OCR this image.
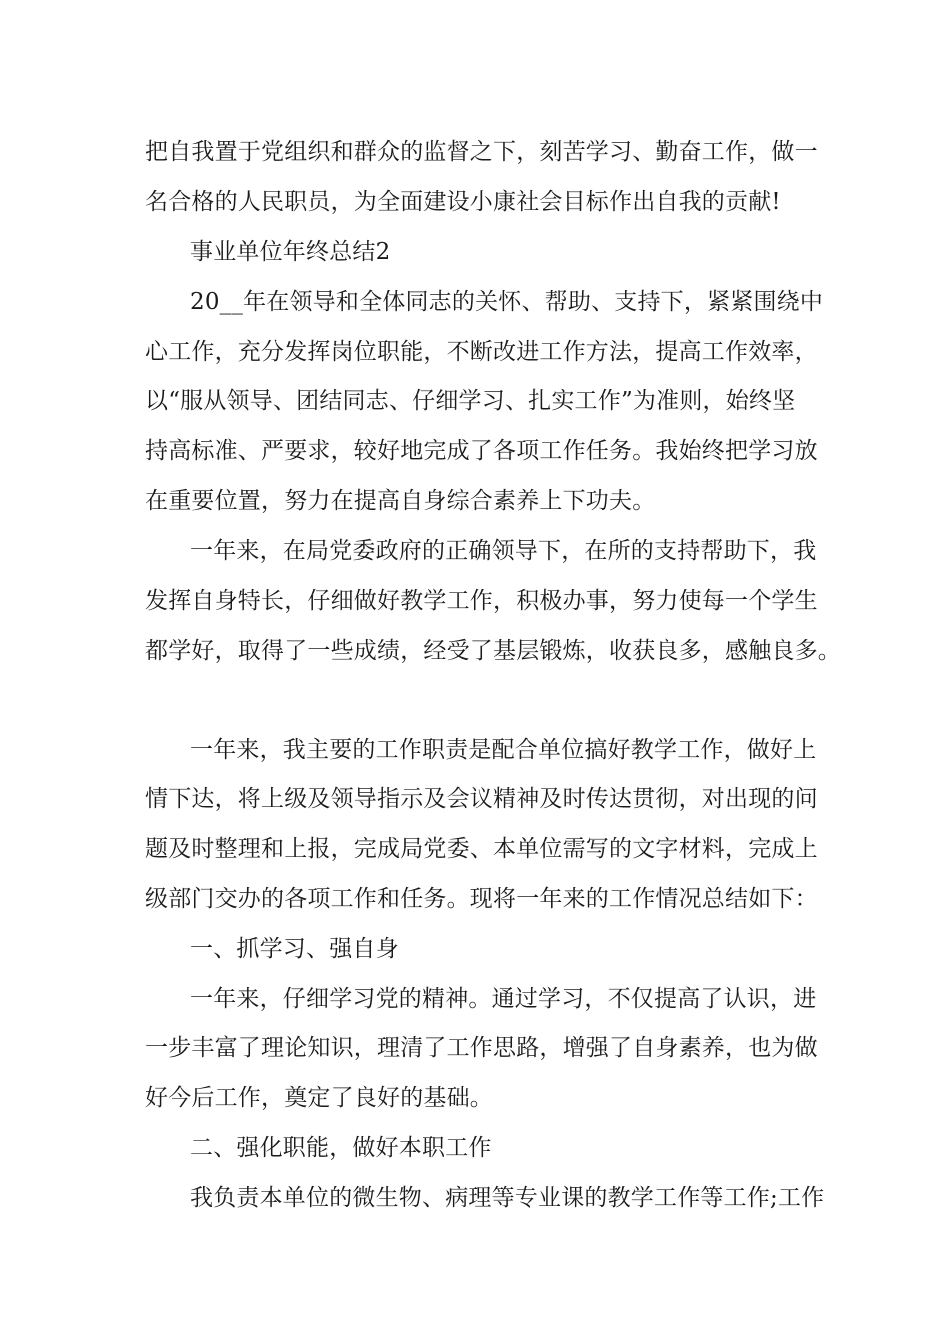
把自我置于党组织和群众的监督之下，刻苦学习、勤奋工作，做一
名合格的人民职员，为全面建设小康社会目标作出自我的贡献!
事业单位年终总结2
20__年在领导和全体同志的关怀、帮助、支持下，紧紧围绕中
心工作，充分发挥岗位职能，不断改进工作方法，提高工作效率，
以“服从领导、团结同志、仔细学习、扎实工作”为准则，始终坚
持高标准、严要求，较好地完成了各项工作任务。我始终把学习放
在重要位置，努力在提高自身综合素养上下功夫。
一年来，在局党委政府的正确领导下，在所的支持帮助下，我
发挥自身特长，仔细做好教学工作，积极办事，努力使每一个学生
都学好，取得了一些成绩，经受了基层锻炼，收获良多，感触良多。
一年来，我主要的工作职责是配合单位搞好教学工作，做好上
情下达，将上级及领导指示及会议精神及时传达贯彻，对出现的问
题及时整理和上报，完成局党委、本单位需写的文字材料，完成上
级部门交办的各项工作和任务。现将一年来的工作情况总结如下：
一、抓学习、强自身
一年来，仔细学习党的精神。通过学习，不仅提高了认识，进
一步丰富了理论知识，理清了工作思路，增强了自身素养，也为做
好今后工作，奠定了良好的基础。
二、强化职能，做好本职工作
我负责本单位的微生物、病理等专业课的教学工作等工作;工作
